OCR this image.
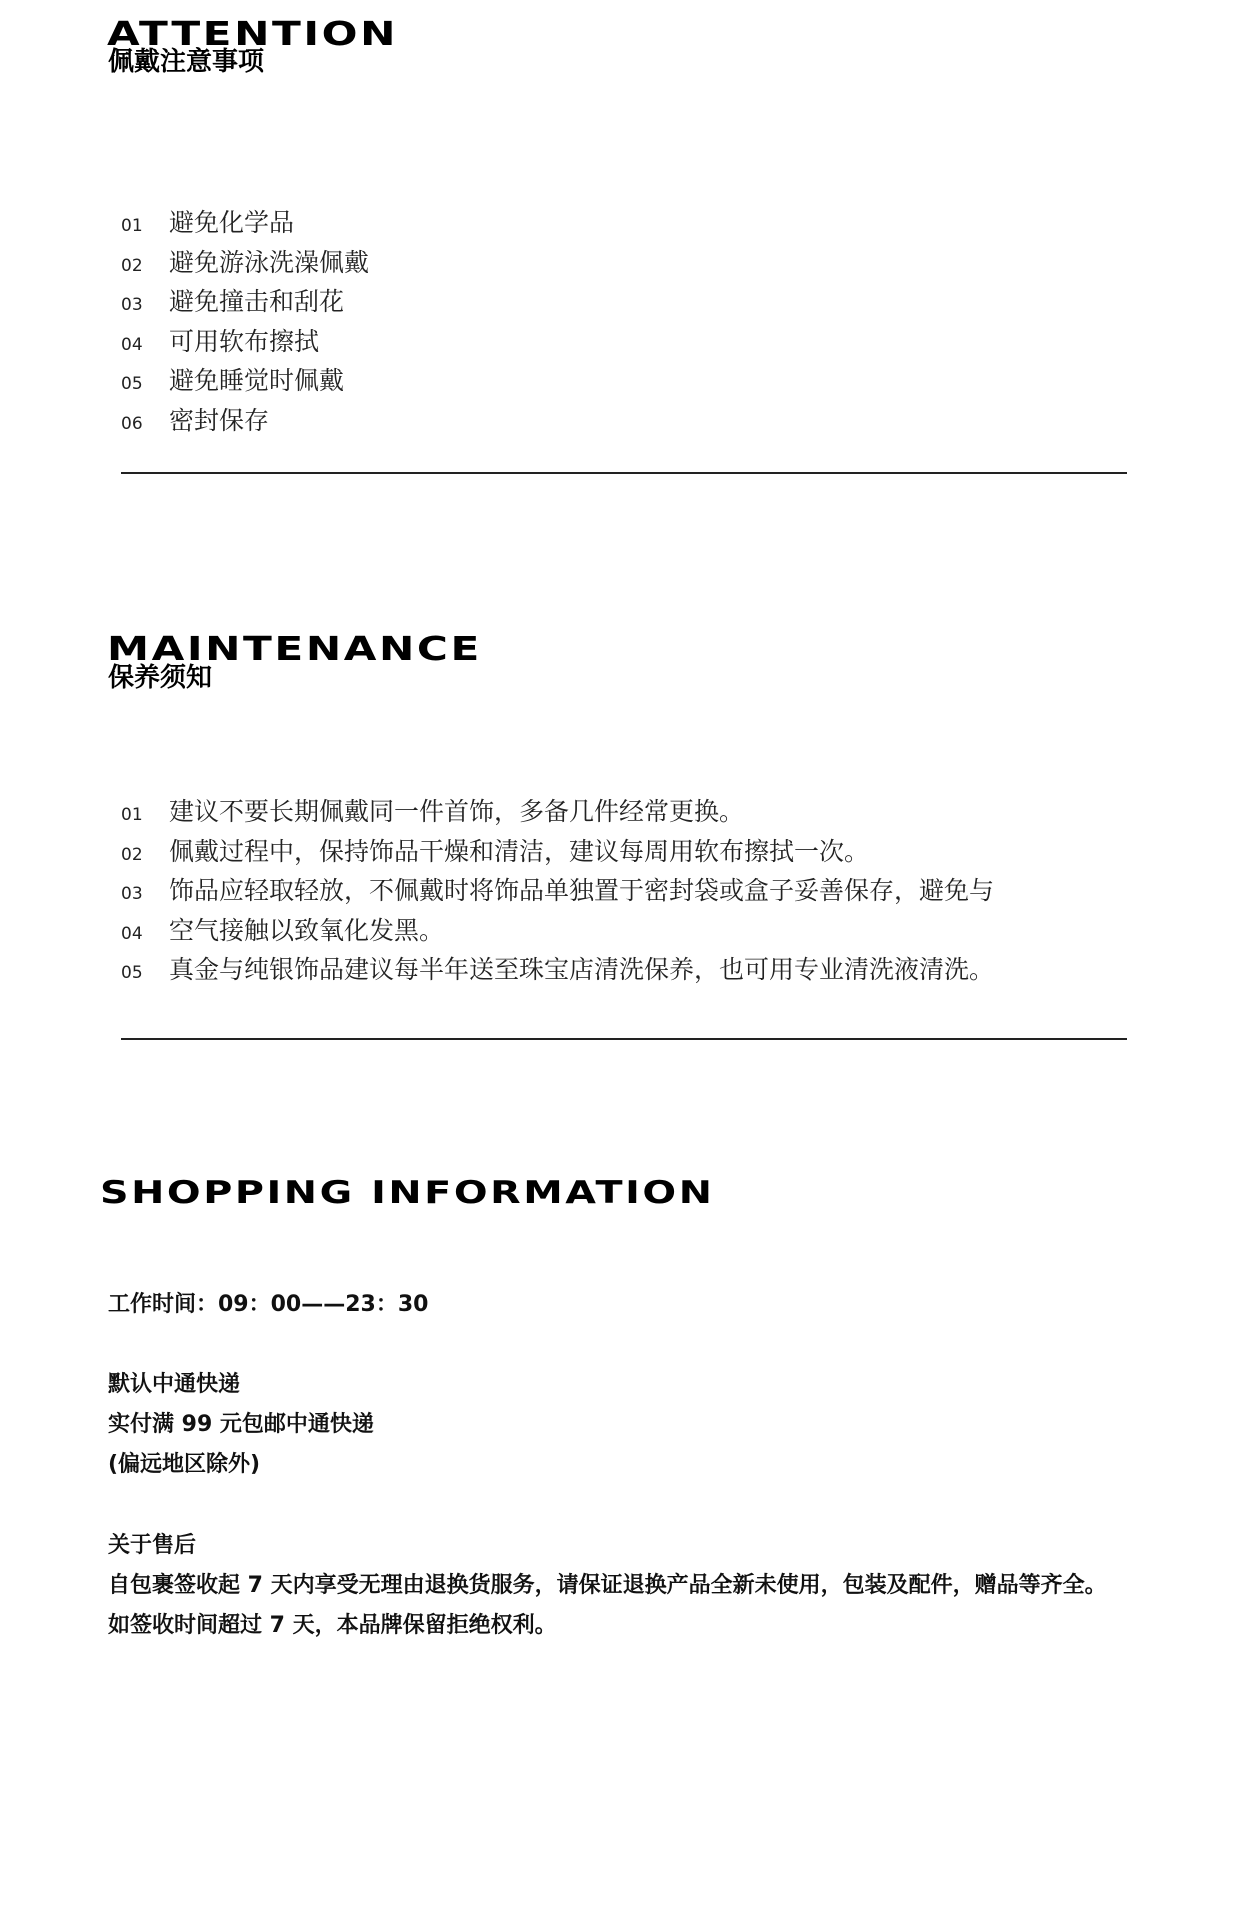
ATTENTION
佩戴注意事项
01	避免化学品
02	避免游泳洗澡佩戴
03	避免撞击和刮花
04	可用软布擦拭
05	避免睡觉时佩戴
06	密封保存
MAINTENANCE
保养须知
01	建议不要长期佩戴同一件首饰，多备几件经常更换。
02	佩戴过程中，保持饰品干燥和清洁，建议每周用软布擦拭一次。
03	饰品应轻取轻放，不佩戴时将饰品单独置于密封袋或盒子妥善保存，避免与
04	空气接触以致氧化发黑。
05	真金与纯银饰品建议每半年送至珠宝店清洗保养，也可用专业清洗液清洗。
SHOPPING INFORMATION

工作时间：09：00——23：30

默认中通快递

实付满 99 元包邮中通快递

(偏远地区除外)

关于售后

自包裹签收起 7 天内享受无理由退换货服务，请保证退换产品全新未使用，包装及配件，赠品等齐全。

如签收时间超过 7 天，本品牌保留拒绝权利。
